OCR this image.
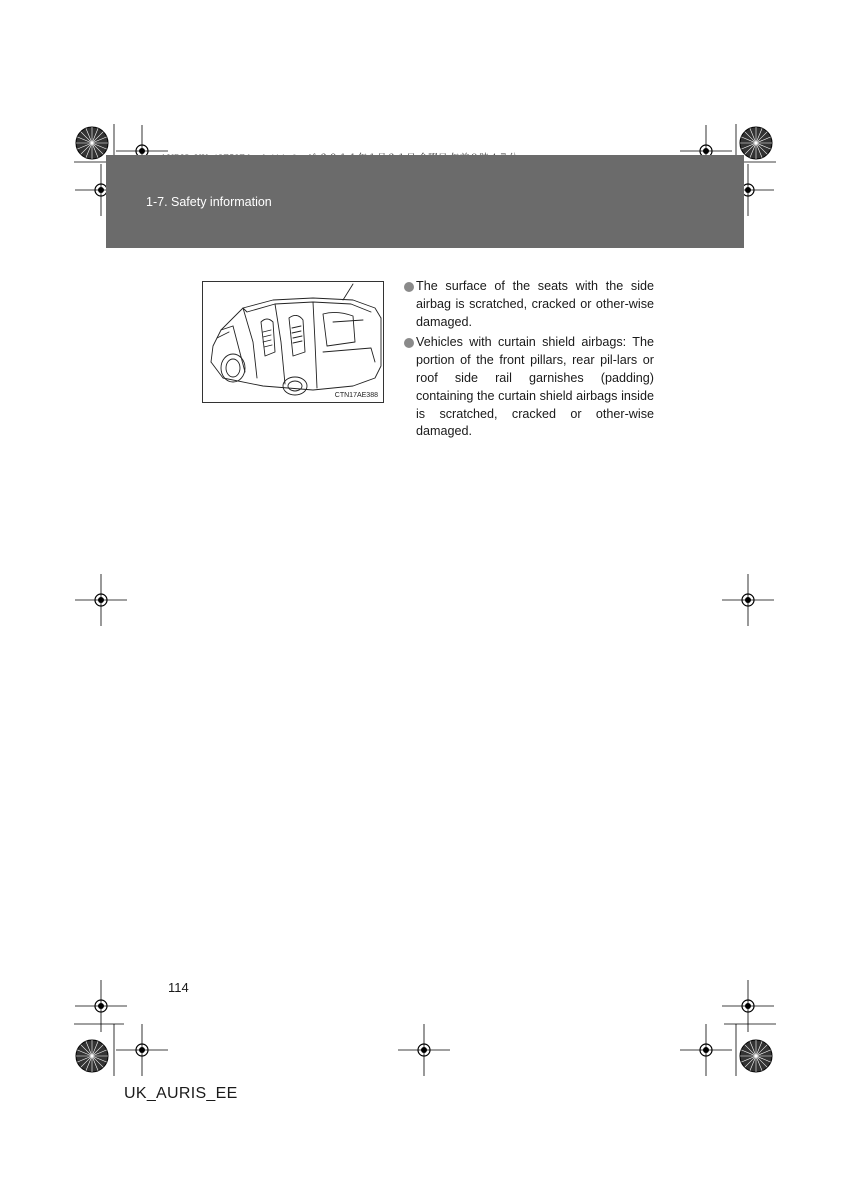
1-7. Safety information
CTN17AE388
The surface of the seats with the side airbag is scratched, cracked or other-wise damaged.
Vehicles with curtain shield airbags: The portion of the front pillars, rear pil-lars or roof side rail garnishes (padding) containing the curtain shield airbags inside is scratched, cracked or other-wise damaged.
114
UK_AURIS_EE
